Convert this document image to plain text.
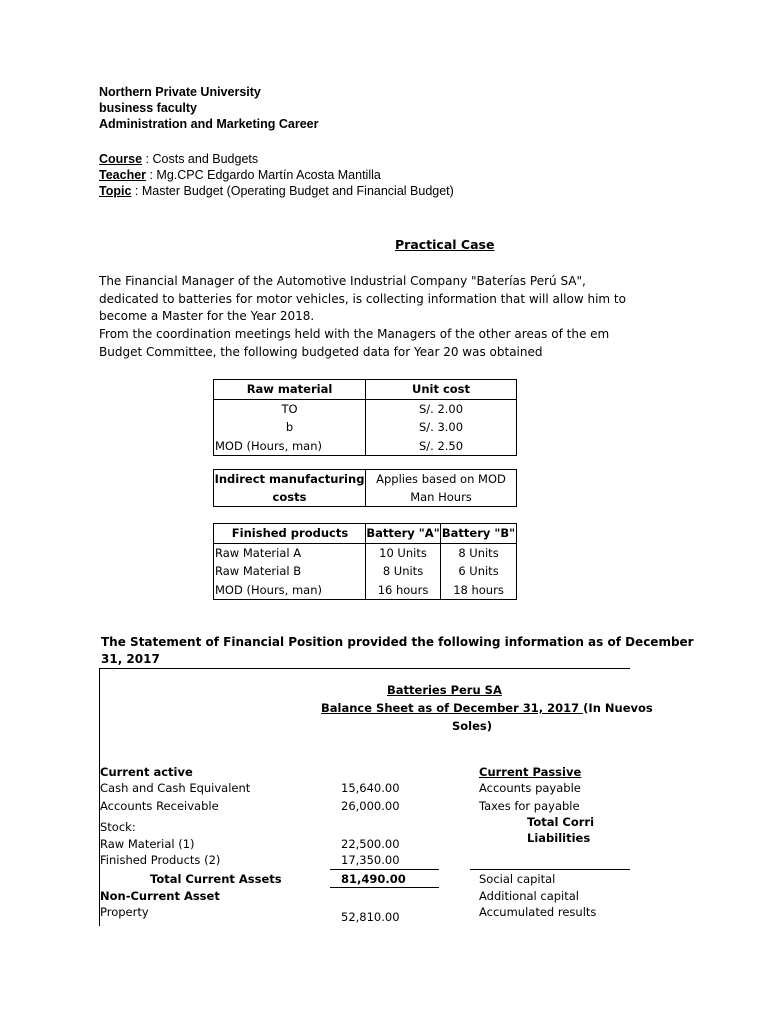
Northern Private University
business faculty
Administration and Marketing Career
Course : Costs and Budgets
Teacher : Mg.CPC Edgardo Martín Acosta Mantilla
Topic : Master Budget (Operating Budget and Financial Budget)
Practical Case
The Financial Manager of the Automotive Industrial Company "Baterías Perú SA", dedicated to batteries for motor vehicles, is collecting information that will allow him to become a Master for the Year 2018.
From the coordination meetings held with the Managers of the other areas of the em Budget Committee, the following budgeted data for Year 20 was obtained
Raw material	Unit cost
TO	S/. 2.00
b	S/. 3.00
MOD (Hours, man)	S/. 2.50
Indirect manufacturing
costs	Applies based on MOD
Man Hours
Finished products	Battery "A"	Battery "B"
Raw Material A	10 Units	8 Units
Raw Material B	8 Units	6 Units
MOD (Hours, man)	16 hours	18 hours
The Statement of Financial Position provided the following information as of December
31, 2017
Batteries Peru SA
Balance Sheet as of December 31, 2017 (In Nuevos
Soles)
Current active
Cash and Cash Equivalent	15,640.00
Accounts Receivable	26,000.00
Stock:
Raw Material (1)	22,500.00
Finished Products (2)	17,350.00
Total Current Assets	81,490.00
Non-Current Asset
Property	52,810.00
Current Passive
Accounts payable
Taxes for payable
Total Corri
Liabilities
Social capital
Additional capital
Accumulated results
